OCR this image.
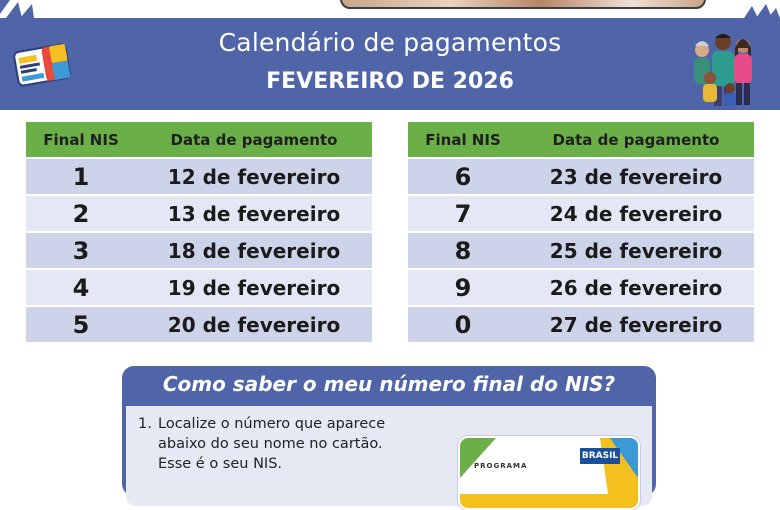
Calendário de pagamentos
FEVEREIRO DE 2026
Final NIS	Data de pagamento
1	12 de fevereiro
2	13 de fevereiro
3	18 de fevereiro
4	19 de fevereiro
5	20 de fevereiro
Final NIS	Data de pagamento
6	23 de fevereiro
7	24 de fevereiro
8	25 de fevereiro
9	26 de fevereiro
0	27 de fevereiro
Como saber o meu número final do NIS?
1. Localize o número que aparece
abaixo do seu nome no cartão.
Esse é o seu NIS.	BRASIL
PROGRAMA
